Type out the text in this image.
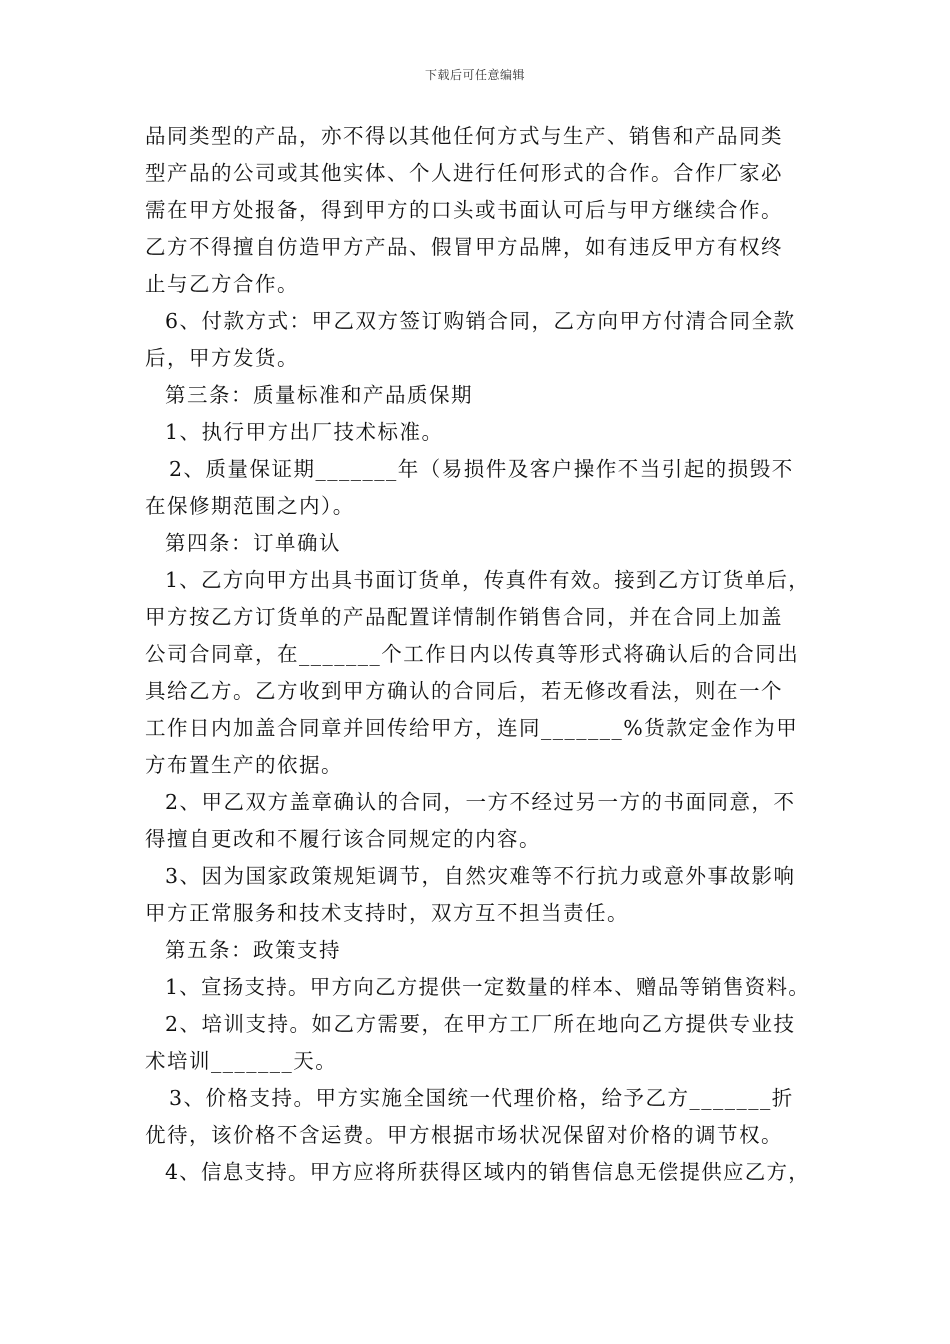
下载后可任意编辑
品同类型的产品，亦不得以其他任何方式与生产、销售和产品同类
型产品的公司或其他实体、个人进行任何形式的合作。合作厂家必
需在甲方处报备，得到甲方的口头或书面认可后与甲方继续合作。
乙方不得擅自仿造甲方产品、假冒甲方品牌，如有违反甲方有权终
止与乙方合作。
6、付款方式：甲乙双方签订购销合同，乙方向甲方付清合同全款
后，甲方发货。
第三条：质量标准和产品质保期
1、执行甲方出厂技术标准。
2、质量保证期_______年（易损件及客户操作不当引起的损毁不
在保修期范围之内）。
第四条：订单确认
1、乙方向甲方出具书面订货单，传真件有效。接到乙方订货单后，
甲方按乙方订货单的产品配置详情制作销售合同，并在合同上加盖
公司合同章，在_______个工作日内以传真等形式将确认后的合同出
具给乙方。乙方收到甲方确认的合同后，若无修改看法，则在一个
工作日内加盖合同章并回传给甲方，连同_______%货款定金作为甲
方布置生产的依据。
2、甲乙双方盖章确认的合同，一方不经过另一方的书面同意，不
得擅自更改和不履行该合同规定的内容。
3、因为国家政策规矩调节，自然灾难等不行抗力或意外事故影响
甲方正常服务和技术支持时，双方互不担当责任。
第五条：政策支持
1、宣扬支持。甲方向乙方提供一定数量的样本、赠品等销售资料。
2、培训支持。如乙方需要，在甲方工厂所在地向乙方提供专业技
术培训_______天。
3、价格支持。甲方实施全国统一代理价格，给予乙方_______折
优待，该价格不含运费。甲方根据市场状况保留对价格的调节权。
4、信息支持。甲方应将所获得区域内的销售信息无偿提供应乙方，
